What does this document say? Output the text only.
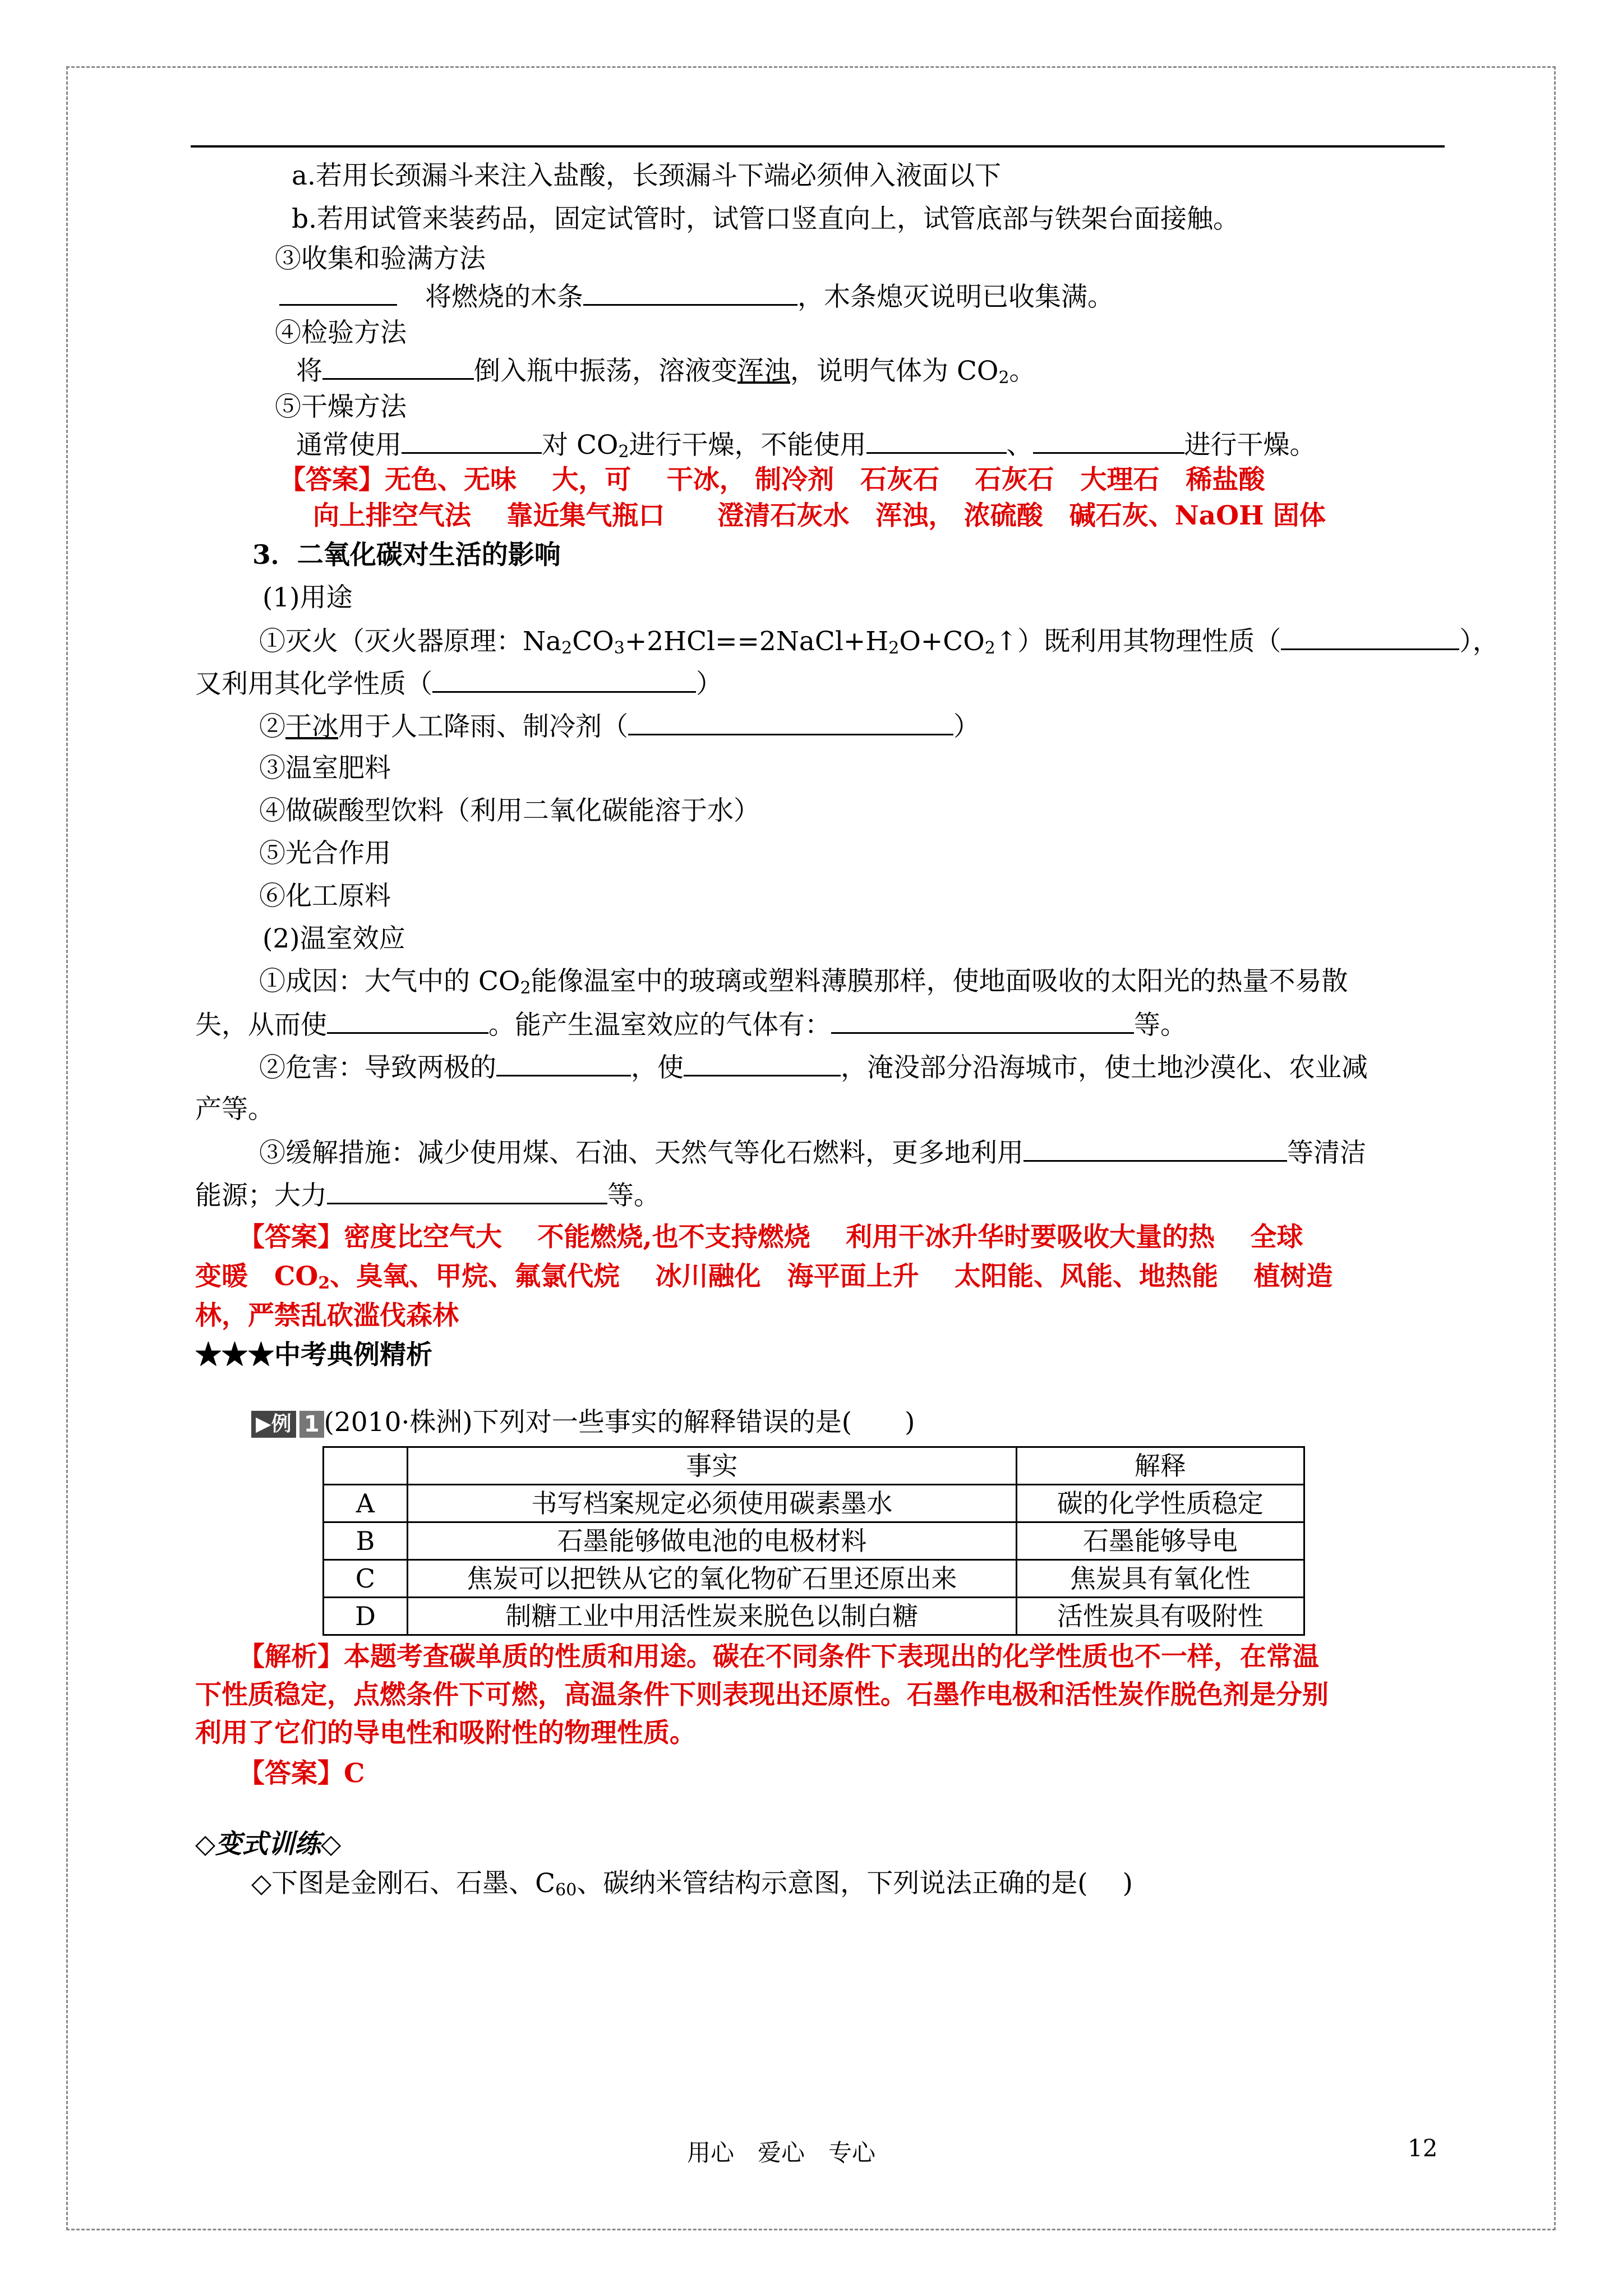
a.若用长颈漏斗来注入盐酸，长颈漏斗下端必须伸入液面以下
b.若用试管来装药品，固定试管时，试管口竖直向上，试管底部与铁架台面接触。
③收集和验满方法
将燃烧的木条	，木条熄灭说明已收集满。
④检验方法
将	倒入瓶中振荡，溶液变浑浊，说明气体为 $CO_2$。
⑤干燥方法
通常使用	对 $CO_2$进行干燥，不能使用	、	进行干燥。
【答案】无色、无味　 大，可　 干冰， 制冷剂　石灰石　 石灰石　大理石　稀盐酸
向上排空气法　 靠近集气瓶口　　澄清石灰水　浑浊， 浓硫酸　碱石灰、NaOH 固体
3．二氧化碳对生活的影响
(1)用途
①灭火（灭火器原理：$Na_2CO_3+2HCl==2NaCl+H_2O+CO_2↑$）既利用其物理性质（	），
又利用其化学性质（	）
②干冰用于人工降雨、制冷剂（	）
③温室肥料
④做碳酸型饮料（利用二氧化碳能溶于水）
⑤光合作用
⑥化工原料
(2)温室效应
①成因：大气中的 $CO_2$能像温室中的玻璃或塑料薄膜那样，使地面吸收的太阳光的热量不易散
失，从而使	。能产生温室效应的气体有：	等。
②危害：导致两极的	，使	，淹没部分沿海城市，使土地沙漠化、农业减
产等。
③缓解措施：减少使用煤、石油、天然气等化石燃料，更多地利用	等清洁
能源；大力	等。
【答案】密度比空气大　 不能燃烧,也不支持燃烧　 利用干冰升华时要吸收大量的热　 全球
变暖　$CO_2$、臭氧、甲烷、氟氯代烷　 冰川融化　海平面上升　 太阳能、风能、地热能　 植树造
林，严禁乱砍滥伐森林
★★★中考典例精析
▶例 1 (2010·株洲)下列对一些事实的解释错误的是(　　)
	事实	解释
A	书写档案规定必须使用碳素墨水	碳的化学性质稳定
B	石墨能够做电池的电极材料	石墨能够导电
C	焦炭可以把铁从它的氧化物矿石里还原出来	焦炭具有氧化性
D	制糖工业中用活性炭来脱色以制白糖	活性炭具有吸附性
【解析】本题考查碳单质的性质和用途。碳在不同条件下表现出的化学性质也不一样，在常温
下性质稳定，点燃条件下可燃，高温条件下则表现出还原性。石墨作电极和活性炭作脱色剂是分别
利用了它们的导电性和吸附性的物理性质。
【答案】C
◇变式训练◇
◇下图是金刚石、石墨、$C_{60}$、碳纳米管结构示意图，下列说法正确的是(　 )
用心　爱心　专心	12
